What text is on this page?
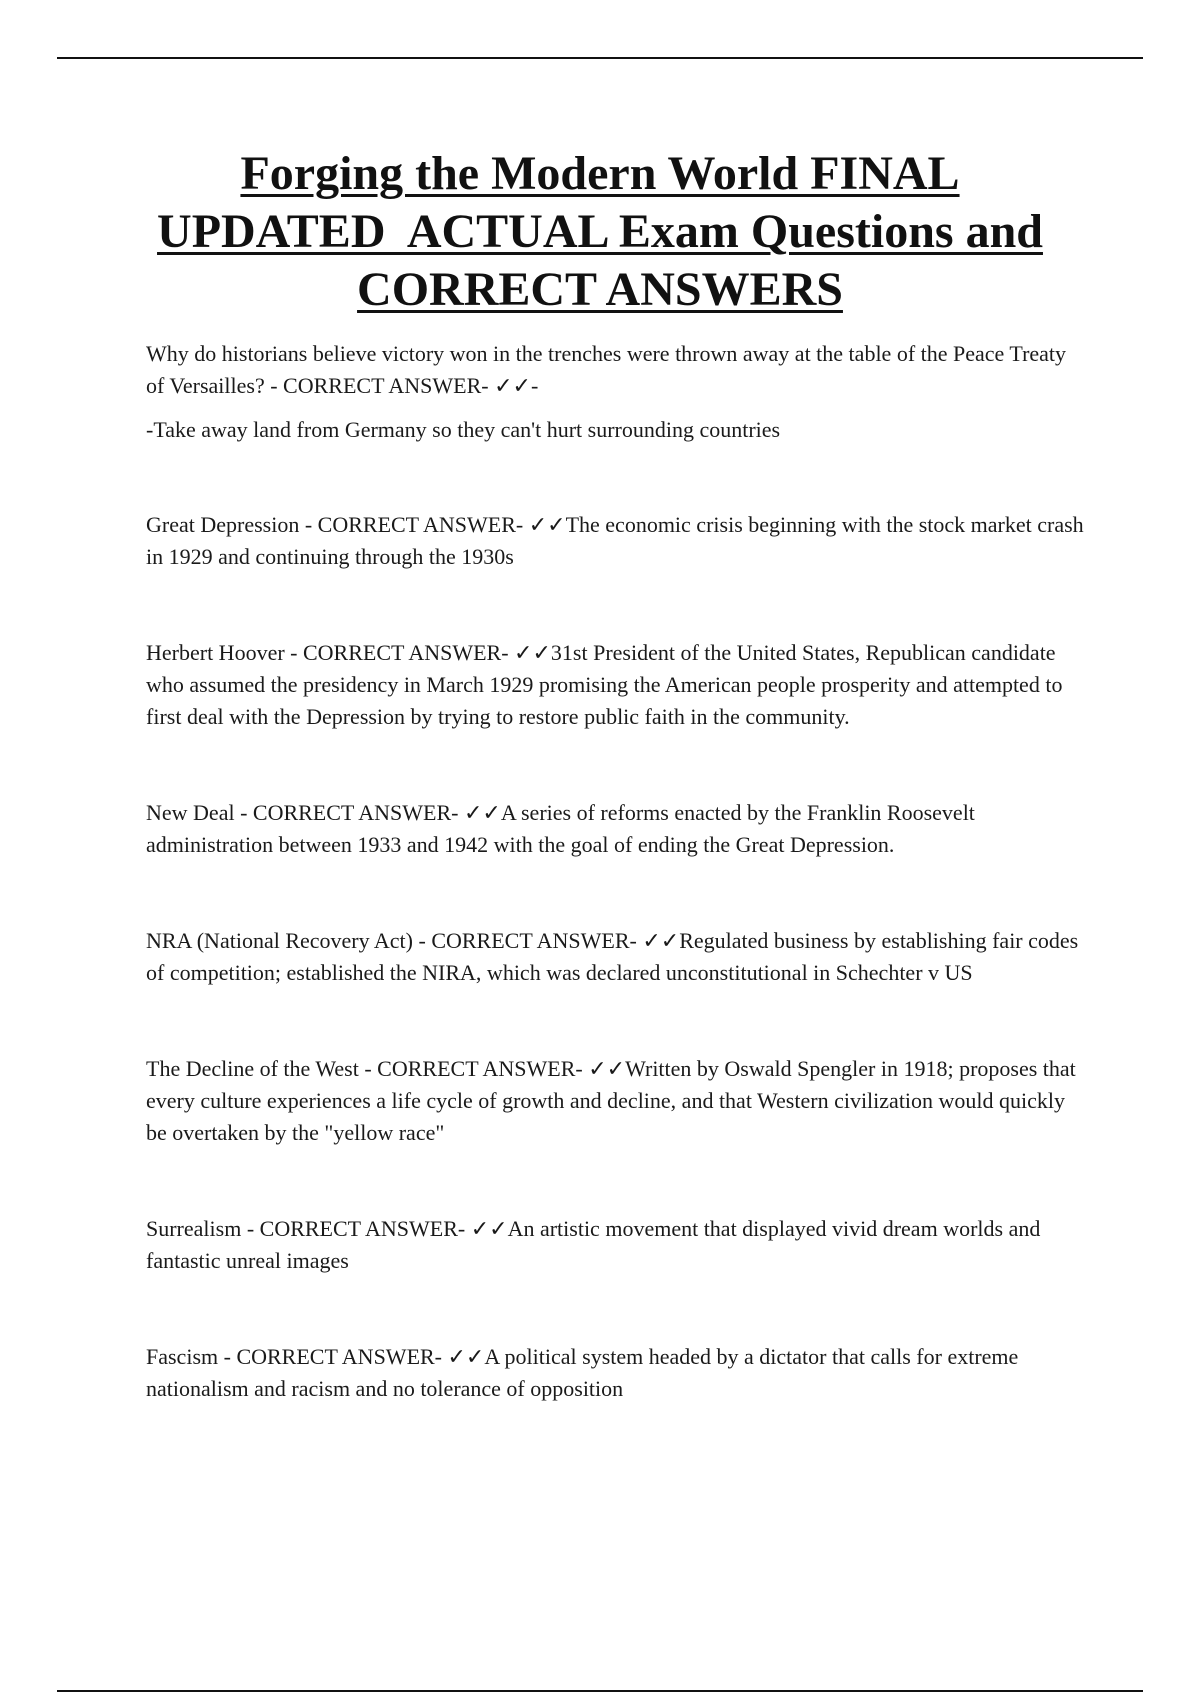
Forging the Modern World FINAL
UPDATED  ACTUAL Exam Questions and
CORRECT ANSWERS

Why do historians believe victory won in the trenches were thrown away at the table of the Peace Treaty of Versailles? - CORRECT ANSWER- ✓✓-

-Take away land from Germany so they can't hurt surrounding countries

Great Depression - CORRECT ANSWER- ✓✓The economic crisis beginning with the stock market crash in 1929 and continuing through the 1930s

Herbert Hoover - CORRECT ANSWER- ✓✓31st President of the United States, Republican candidate who assumed the presidency in March 1929 promising the American people prosperity and attempted to first deal with the Depression by trying to restore public faith in the community.

New Deal - CORRECT ANSWER- ✓✓A series of reforms enacted by the Franklin Roosevelt administration between 1933 and 1942 with the goal of ending the Great Depression.

NRA (National Recovery Act) - CORRECT ANSWER- ✓✓Regulated business by establishing fair codes of competition; established the NIRA, which was declared unconstitutional in Schechter v US

The Decline of the West - CORRECT ANSWER- ✓✓Written by Oswald Spengler in 1918; proposes that every culture experiences a life cycle of growth and decline, and that Western civilization would quickly be overtaken by the "yellow race"

Surrealism - CORRECT ANSWER- ✓✓An artistic movement that displayed vivid dream worlds and fantastic unreal images

Fascism - CORRECT ANSWER- ✓✓A political system headed by a dictator that calls for extreme nationalism and racism and no tolerance of opposition
